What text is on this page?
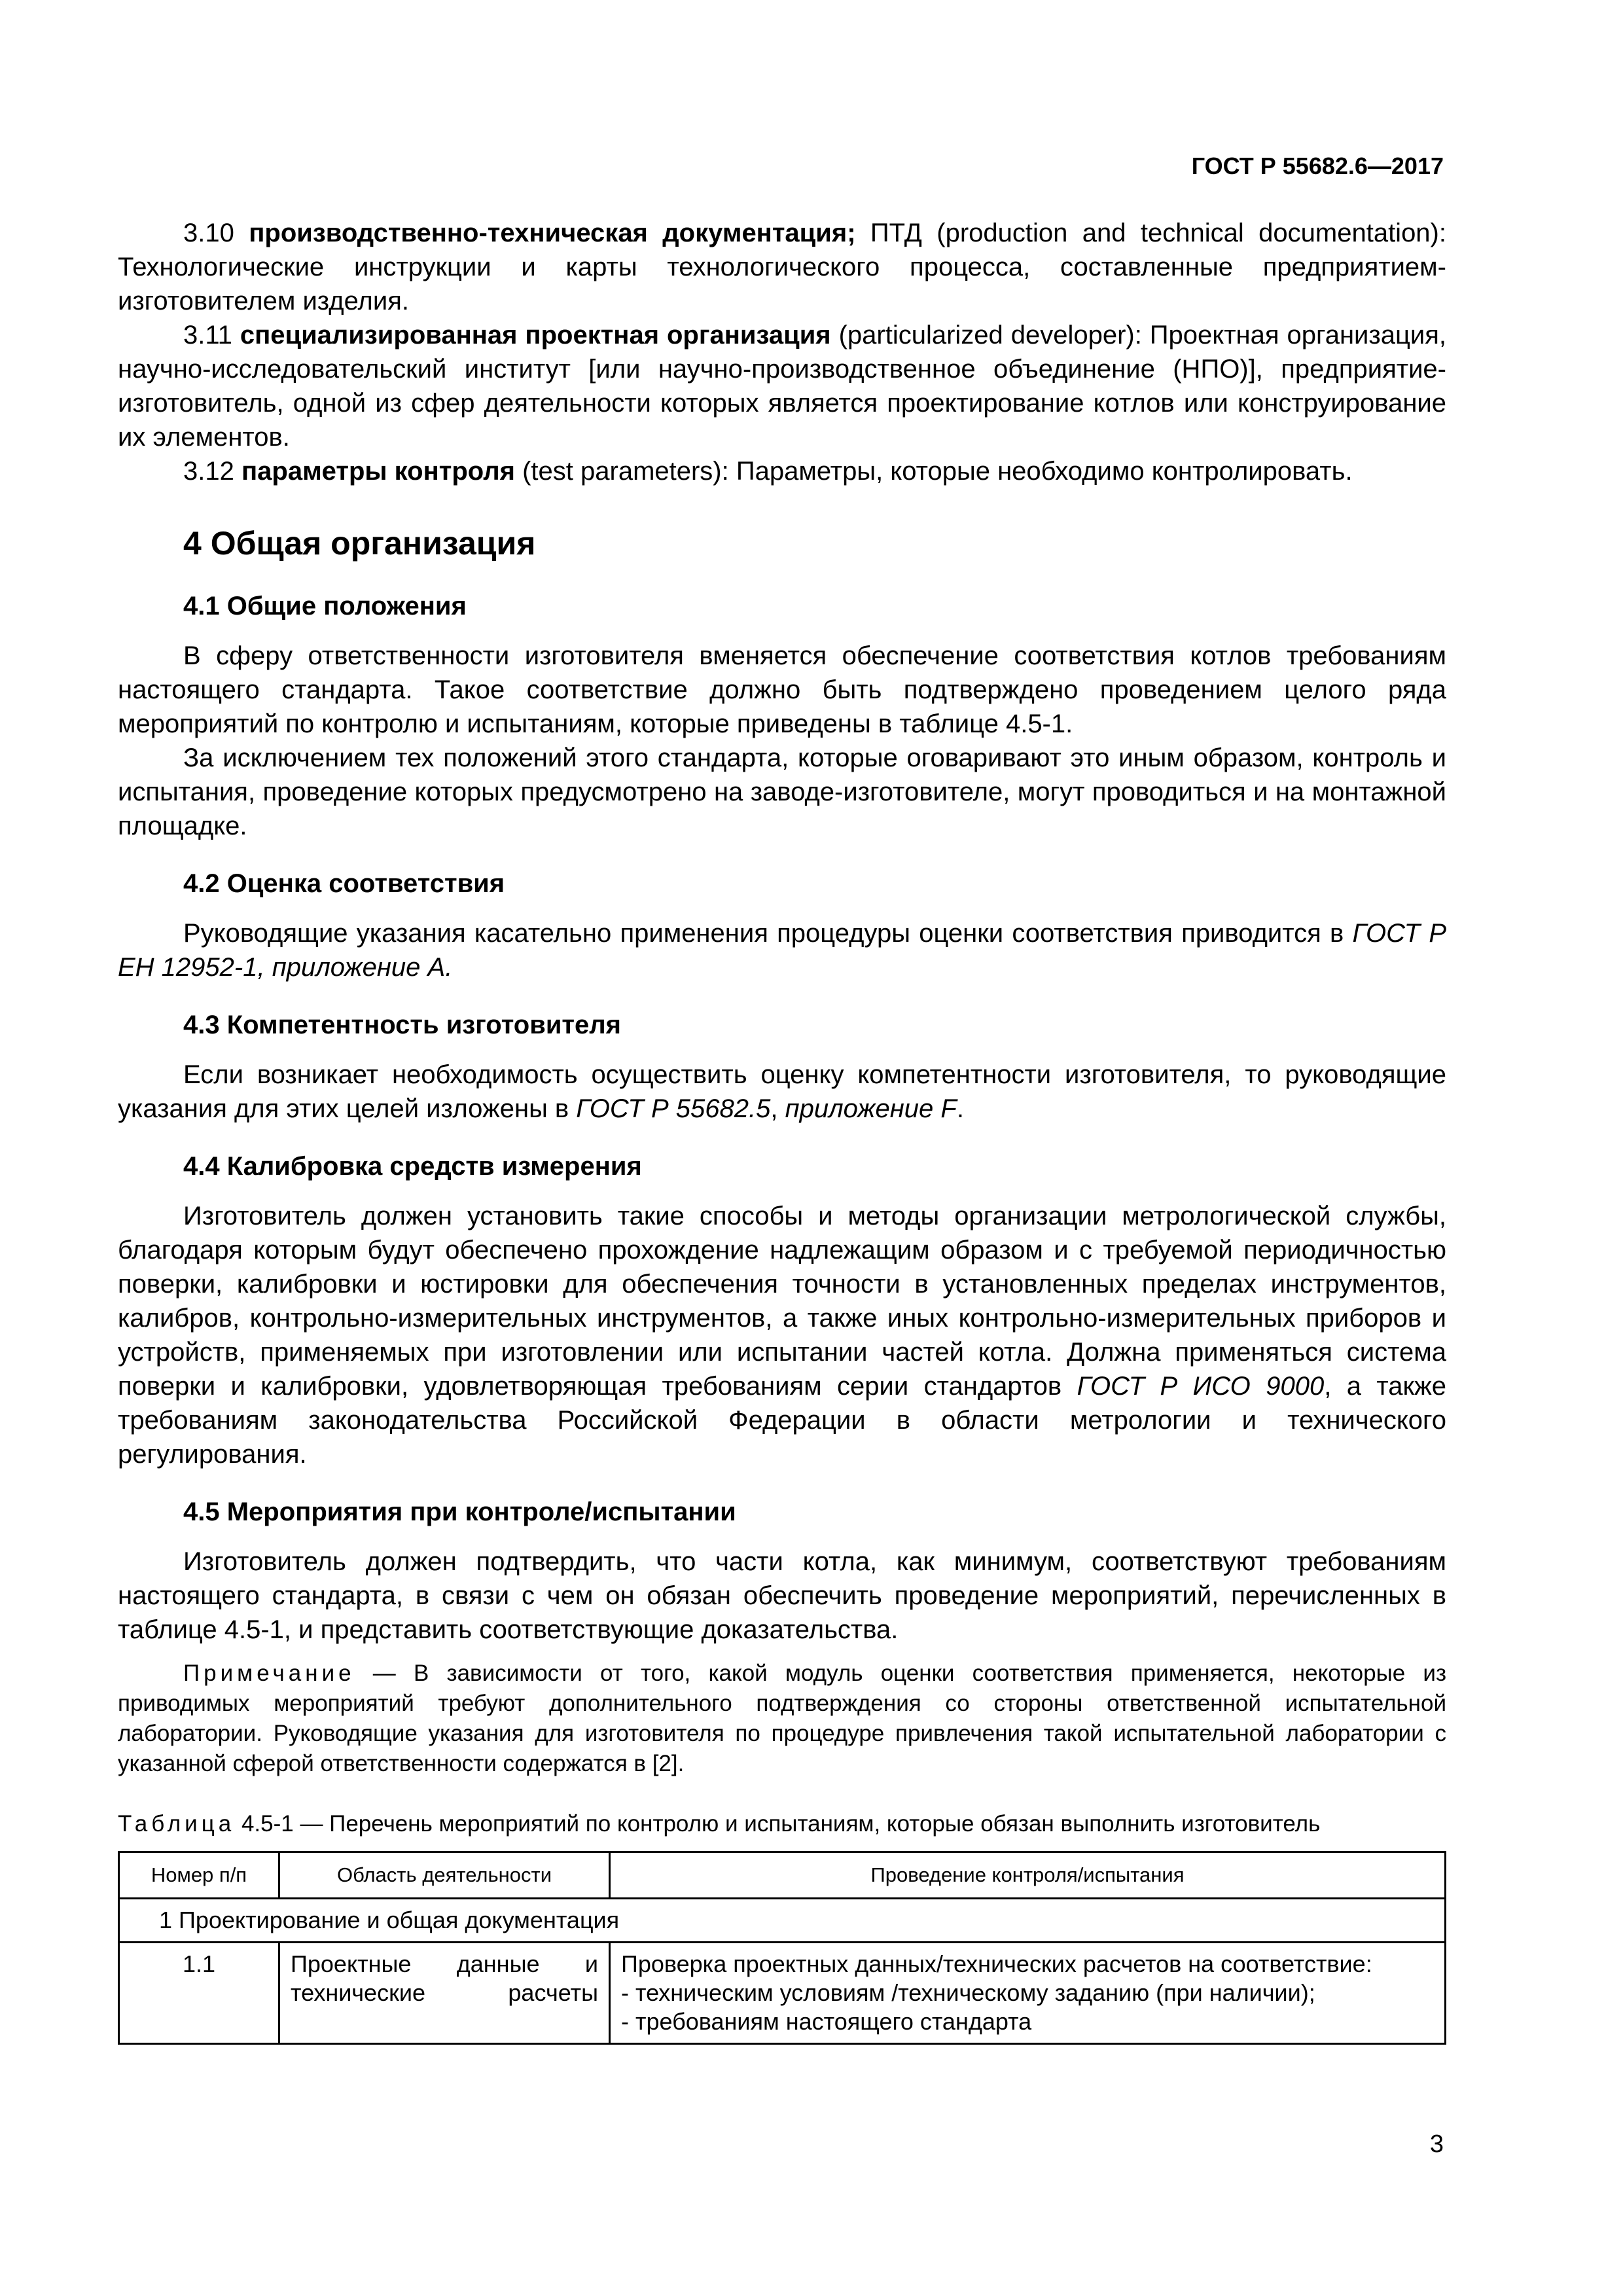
ГОСТ Р 55682.6—2017

3.10 производственно-техническая документация; ПТД (production and technical documentation): Технологические инструкции и карты технологического процесса, составленные предприятием-изготовителем изделия.

3.11 специализированная проектная организация (particularized developer): Проектная организация, научно-исследовательский институт [или научно-производственное объединение (НПО)], предприятие-изготовитель, одной из сфер деятельности которых является проектирование котлов или конструирование их элементов.

3.12 параметры контроля (test parameters): Параметры, которые необходимо контролировать.

4 Общая организация
4.1 Общие положения

В сферу ответственности изготовителя вменяется обеспечение соответствия котлов требованиям настоящего стандарта. Такое соответствие должно быть подтверждено проведением целого ряда мероприятий по контролю и испытаниям, которые приведены в таблице 4.5-1.

За исключением тех положений этого стандарта, которые оговаривают это иным образом, контроль и испытания, проведение которых предусмотрено на заводе-изготовителе, могут проводиться и на монтажной площадке.

4.2 Оценка соответствия

Руководящие указания касательно применения процедуры оценки соответствия приводится в ГОСТ Р ЕН 12952-1, приложение А.

4.3 Компетентность изготовителя

Если возникает необходимость осуществить оценку компетентности изготовителя, то руководящие указания для этих целей изложены в ГОСТ Р 55682.5, приложение F.

4.4 Калибровка средств измерения

Изготовитель должен установить такие способы и методы организации метрологической службы, благодаря которым будут обеспечено прохождение надлежащим образом и с требуемой периодичностью поверки, калибровки и юстировки для обеспечения точности в установленных пределах инструментов, калибров, контрольно-измерительных инструментов, а также иных контрольно-измерительных приборов и устройств, применяемых при изготовлении или испытании частей котла. Должна применяться система поверки и калибровки, удовлетворяющая требованиям серии стандартов ГОСТ Р ИСО 9000, а также требованиям законодательства Российской Федерации в области метрологии и технического регулирования.

4.5 Мероприятия при контроле/испытании

Изготовитель должен подтвердить, что части котла, как минимум, соответствуют требованиям настоящего стандарта, в связи с чем он обязан обеспечить проведение мероприятий, перечисленных в таблице 4.5-1, и представить соответствующие доказательства.

Примечание — В зависимости от того, какой модуль оценки соответствия применяется, некоторые из приводимых мероприятий требуют дополнительного подтверждения со стороны ответственной испытательной лаборатории. Руководящие указания для изготовителя по процедуре привлечения такой испытательной лаборатории с указанной сферой ответственности содержатся в [2].

Таблица 4.5-1 — Перечень мероприятий по контролю и испытаниям, которые обязан выполнить изготовитель

Номер п/п	Область деятельности	Проведение контроля/испытания
1 Проектирование и общая документация		
1.1	Проектные данные и технические расчеты	Проверка проектных данных/технических расчетов на соответствие:
- техническим условиям /техническому заданию (при наличии);
- требованиям настоящего стандарта
3
